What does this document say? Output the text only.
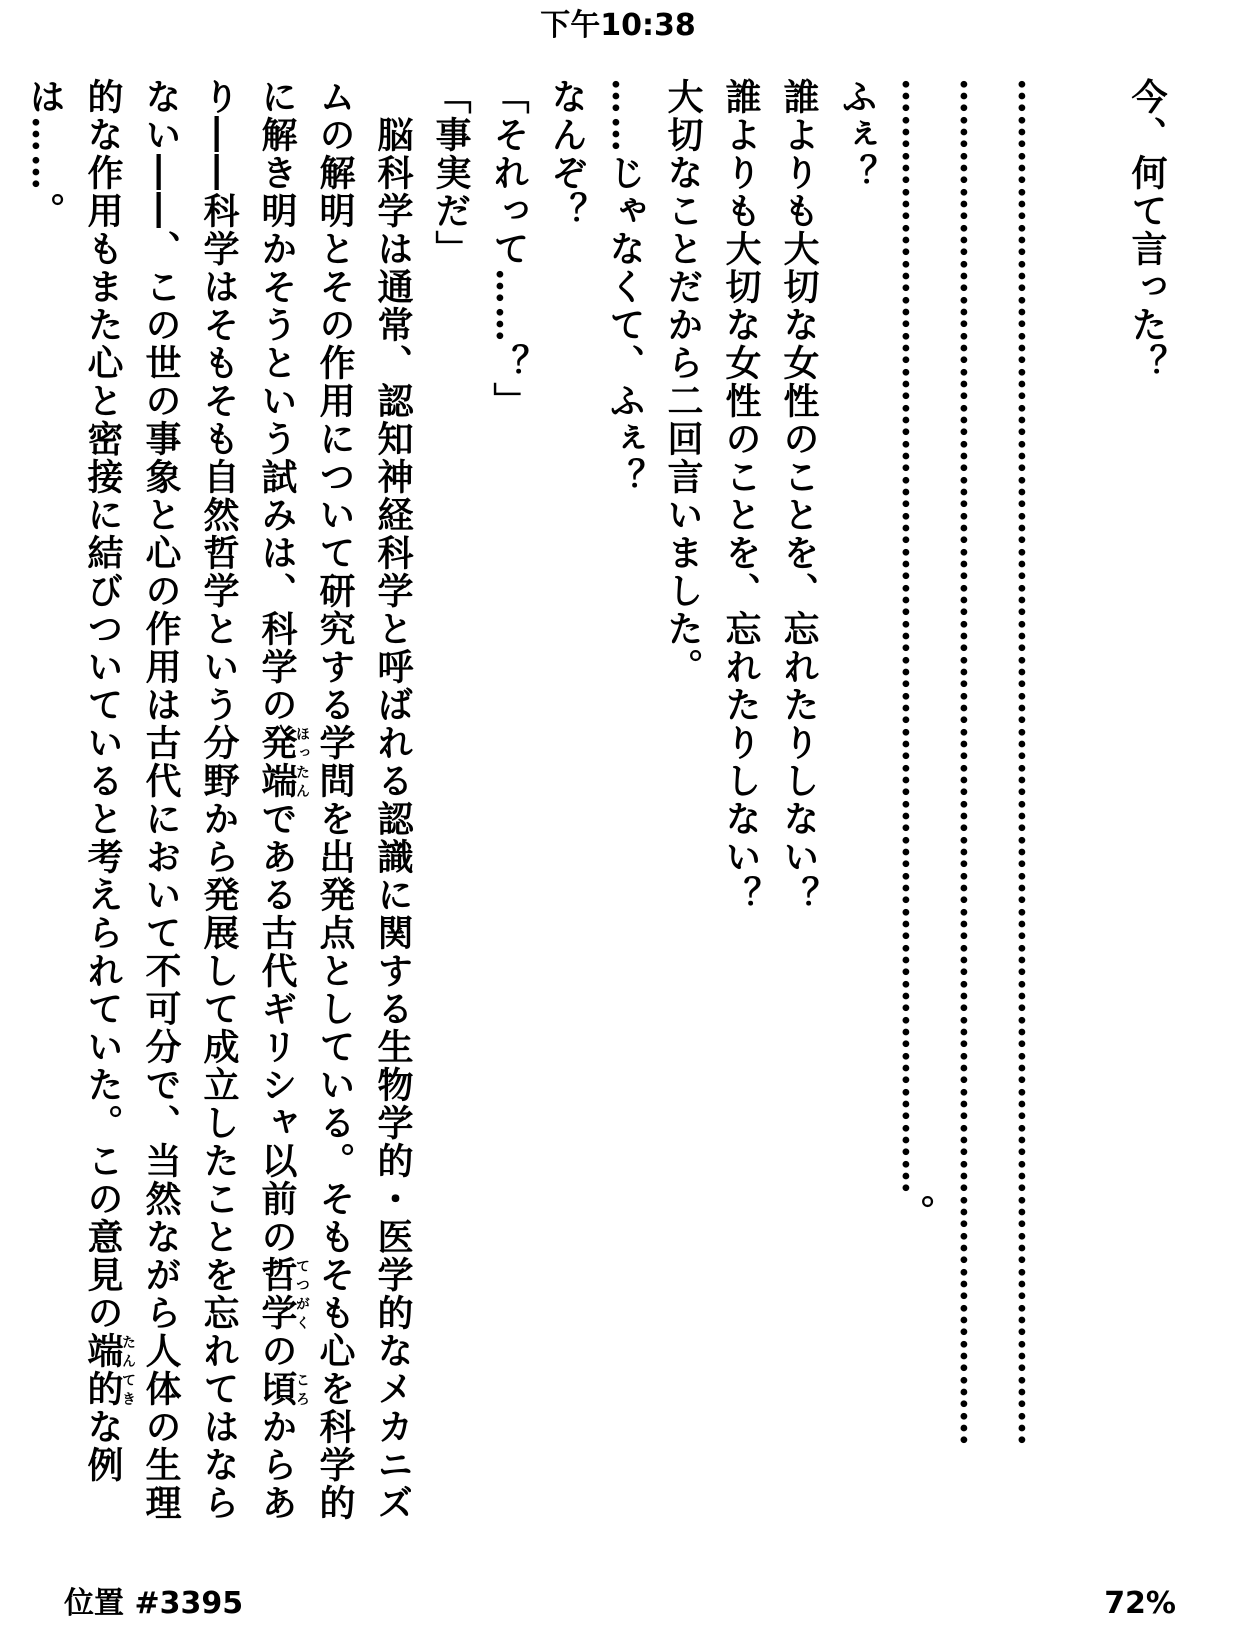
下午10:38

今、何て言った？

……………………………………………………………………………………………………

……………………………………………………………………………………………………

…………………………………………………………………………………。

ふぇ？

誰よりも大切な女性のことを、忘れたりしない？

誰よりも大切な女性のことを、忘れたりしない？

大切なことだから二回言いました。

……じゃなくて、ふぇ？

なんぞ？

「それって……？」

「事実だ」

　脳科学は通常、認知神経科学と呼ばれる認識に関する生物学的・医学的なメカニズムの解明とその作用について研究する学問を出発点としている。そもそも心を科学的に解き明かそうという試みは、科学の発端ほったんである古代ギリシャ以前の哲学てつがくの頃ころからあり――科学はそもそも自然哲学という分野から発展して成立したことを忘れてはならない――、この世の事象と心の作用は古代において不可分で、当然ながら人体の生理的な作用もまた心と密接に結びついていると考えられていた。この意見の端的たんてきな例は……。

位置 #3395	72%
